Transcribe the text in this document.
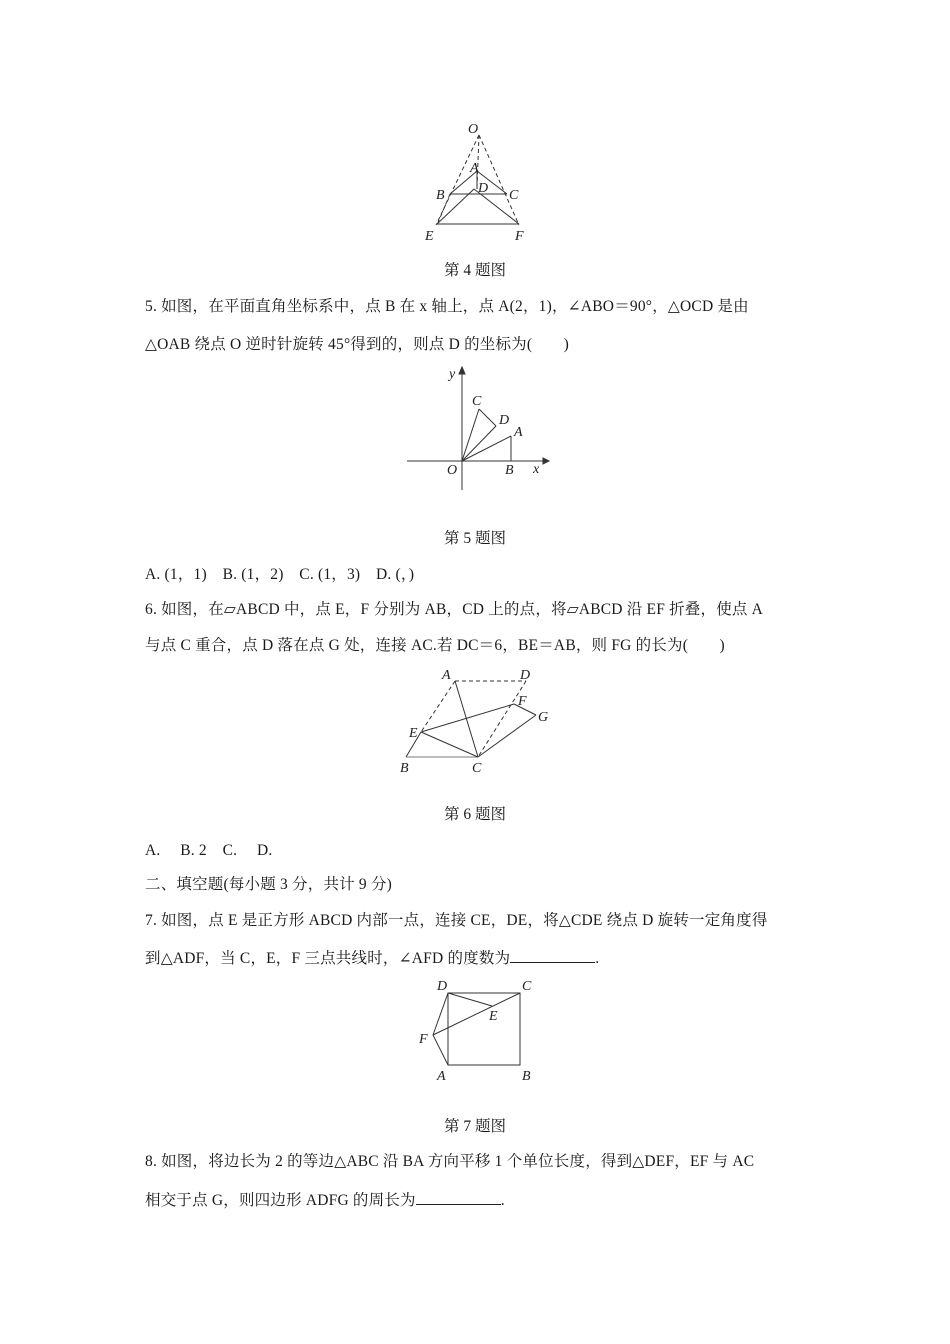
O
A
B	C
D
E	F
第 4 题图
5. 如图，在平面直角坐标系中，点 B 在 x 轴上，点 A(2，1)，∠ABO＝90°，△OCD 是由
△OAB 绕点 O 逆时针旋转 45°得到的，则点 D 的坐标为(　　)
y
x
O	B
A
C
D
第 5 题图
A. (1，1)　B. (1，2)　C. (1，3)　D. (，)
6. 如图，在▱ABCD 中，点 E，F 分别为 AB，CD 上的点，将▱ABCD 沿 EF 折叠，使点 A
与点 C 重合，点 D 落在点 G 处，连接 AC.若 DC＝6，BE＝AB，则 FG 的长为(　　)
A	D
F
G
E
B	C
第 6 题图
A.　 B. 2　C.　 D.
二、填空题(每小题 3 分，共计 9 分)
7. 如图，点 E 是正方形 ABCD 内部一点，连接 CE，DE，将△CDE 绕点 D 旋转一定角度得
到△ADF，当 C，E，F 三点共线时，∠AFD 的度数为	.
D	C
E
F
A	B
第 7 题图
8. 如图，将边长为 2 的等边△ABC 沿 BA 方向平移 1 个单位长度，得到△DEF，EF 与 AC
相交于点 G，则四边形 ADFG 的周长为	.
